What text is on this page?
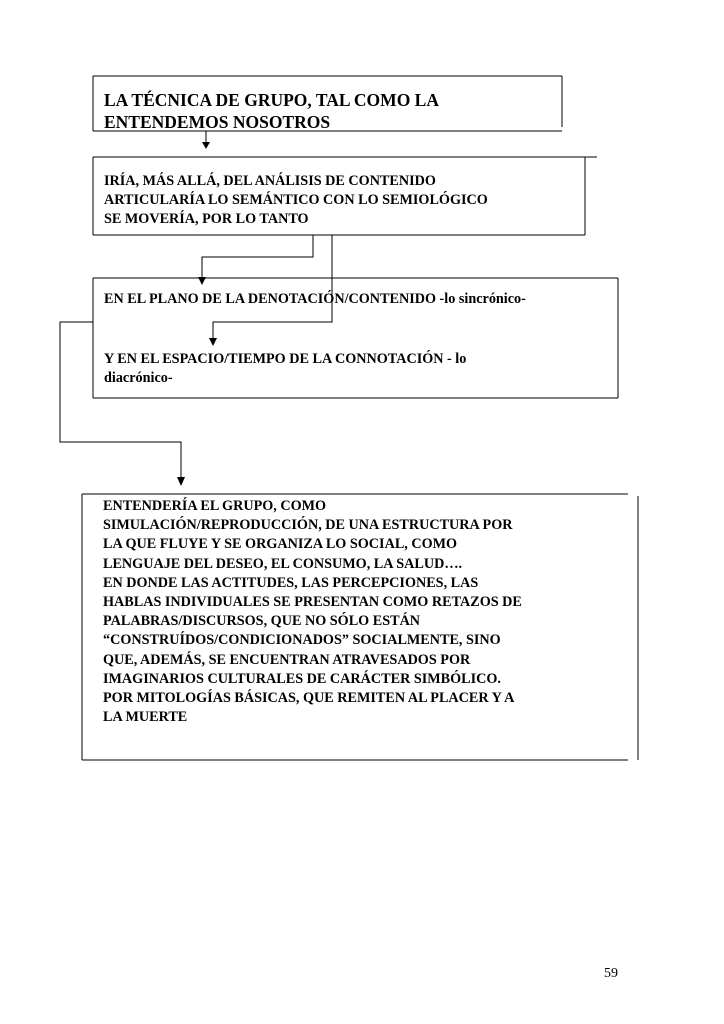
LA TÉCNICA DE GRUPO, TAL COMO LA
ENTENDEMOS NOSOTROS

IRÍA, MÁS ALLÁ, DEL ANÁLISIS DE CONTENIDO
ARTICULARÍA LO SEMÁNTICO CON LO SEMIOLÓGICO
SE MOVERÍA, POR LO TANTO

EN EL PLANO DE LA DENOTACIÓN/CONTENIDO -lo sincrónico-

Y EN EL ESPACIO/TIEMPO DE LA CONNOTACIÓN - lo
diacrónico-

ENTENDERÍA EL GRUPO, COMO
SIMULACIÓN/REPRODUCCIÓN, DE UNA ESTRUCTURA POR
LA QUE FLUYE Y SE ORGANIZA LO SOCIAL, COMO
LENGUAJE DEL DESEO, EL CONSUMO, LA SALUD….
EN DONDE LAS ACTITUDES, LAS PERCEPCIONES, LAS
HABLAS INDIVIDUALES SE PRESENTAN COMO RETAZOS DE
PALABRAS/DISCURSOS, QUE NO SÓLO ESTÁN
“CONSTRUÍDOS/CONDICIONADOS” SOCIALMENTE, SINO
QUE, ADEMÁS, SE ENCUENTRAN ATRAVESADOS POR
IMAGINARIOS CULTURALES DE CARÁCTER SIMBÓLICO.
POR MITOLOGÍAS BÁSICAS, QUE REMITEN AL PLACER Y A
LA MUERTE

59
